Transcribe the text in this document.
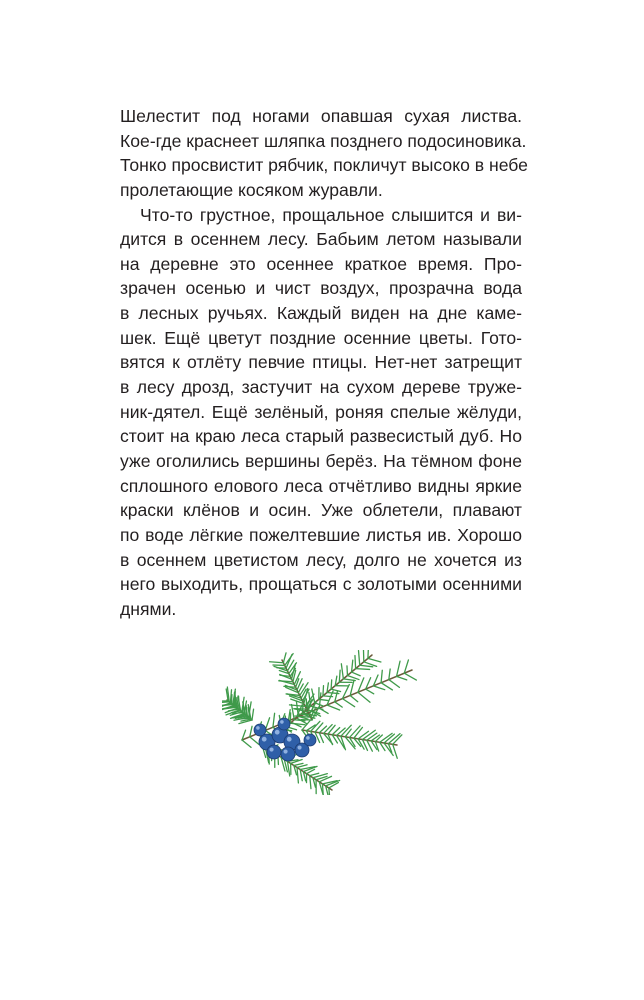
Шелестит под ногами опавшая сухая листва.
Кое-где краснеет шляпка позднего подосиновика.
Тонко просвистит рябчик, покличут высоко в небе
пролетающие косяком журавли.
Что-то грустное, прощальное слышится и ви-
дится в осеннем лесу. Бабьим летом называли
на деревне это осеннее краткое время. Про-
зрачен осенью и чист воздух, прозрачна вода
в лесных ручьях. Каждый виден на дне каме-
шек. Ещё цветут поздние осенние цветы. Гото-
вятся к отлёту певчие птицы. Нет-нет затрещит
в лесу дрозд, застучит на сухом дереве труже-
ник-дятел. Ещё зелёный, роняя спелые жёлуди,
стоит на краю леса старый развесистый дуб. Но
уже оголились вершины берёз. На тёмном фоне
сплошного елового леса отчётливо видны яркие
краски клёнов и осин. Уже облетели, плавают
по воде лёгкие пожелтевшие листья ив. Хорошо
в осеннем цветистом лесу, долго не хочется из
него выходить, прощаться с золотыми осенними
днями.
